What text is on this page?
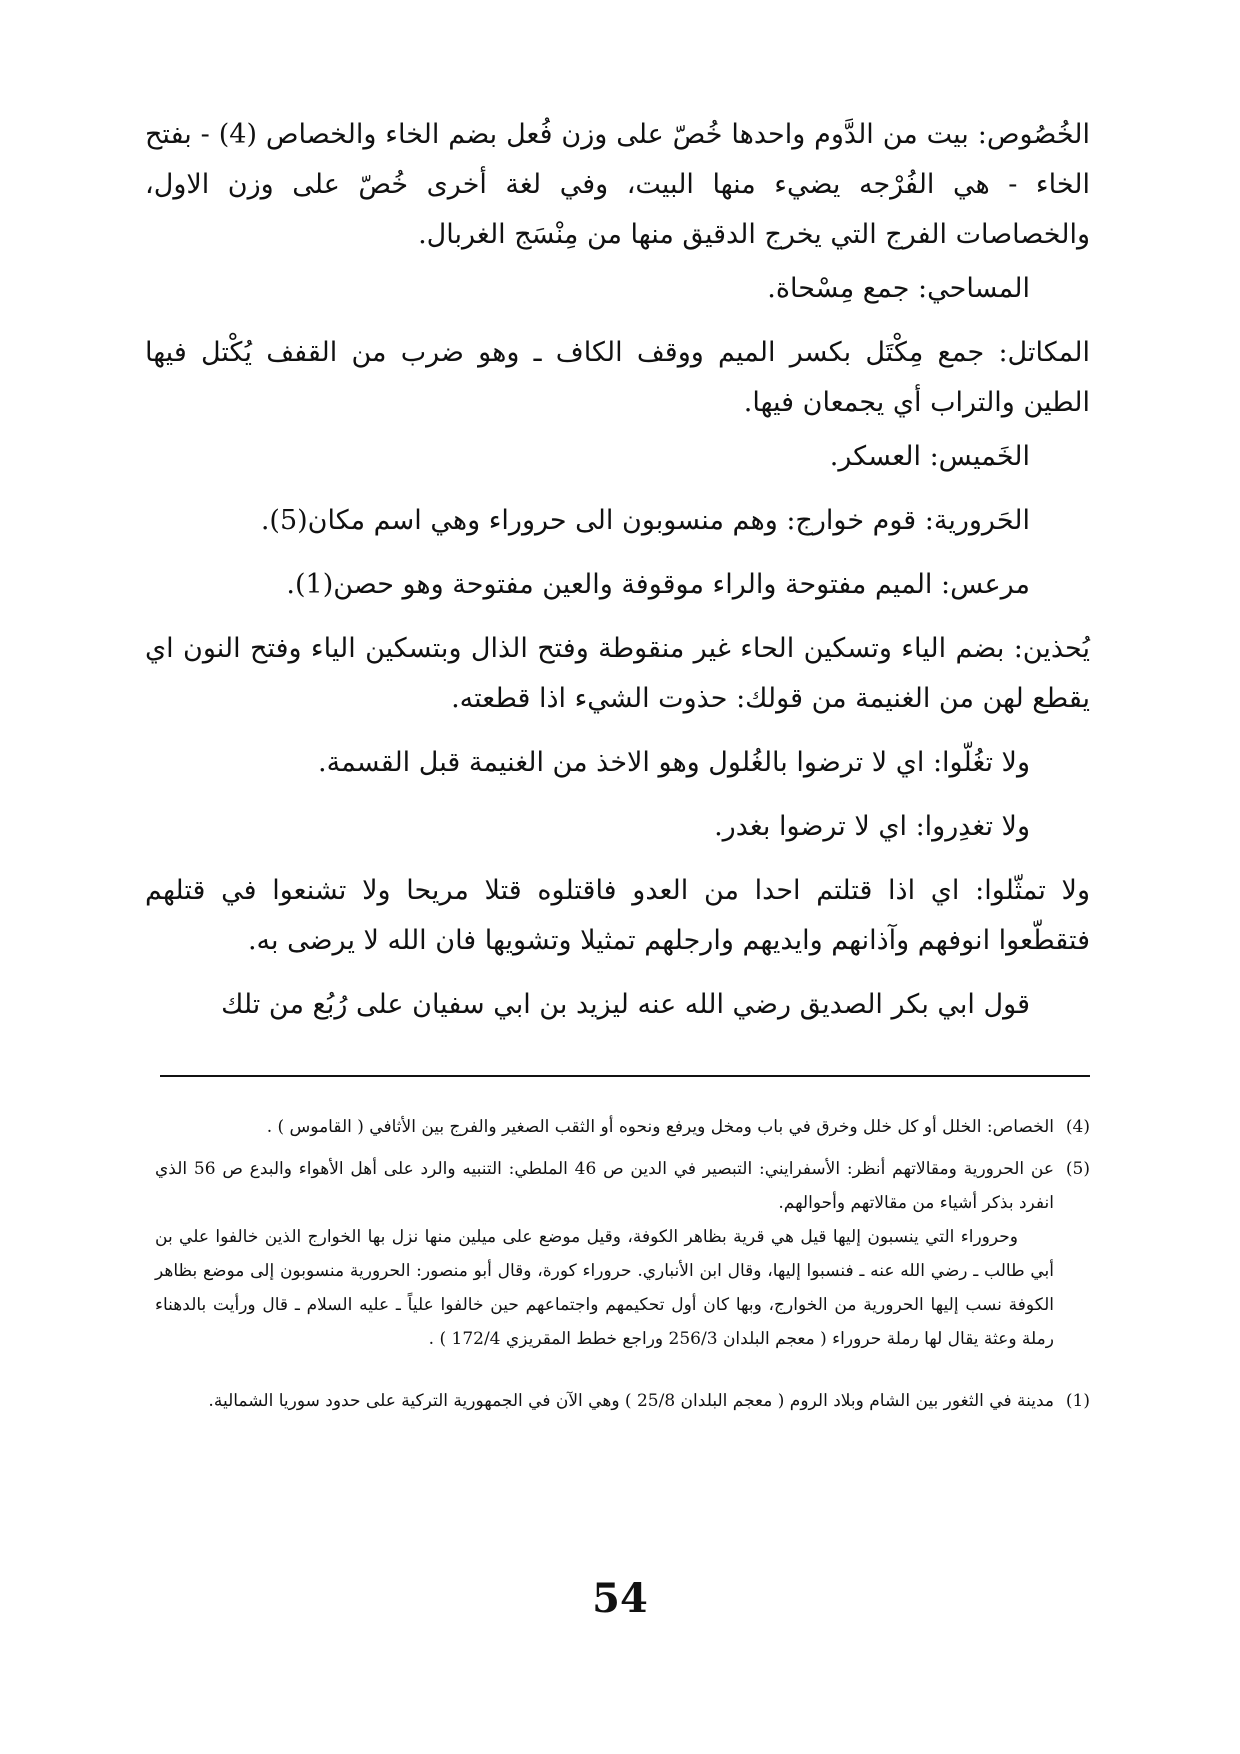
الخُصُوص: بيت من الدَّوم واحدها خُصّ على وزن فُعل بضم الخاء والخصاص (4) - بفتح الخاء - هي الفُرْجه يضيء منها البيت، وفي لغة أخرى خُصّ على وزن الاول، والخصاصات الفرج التي يخرج الدقيق منها من مِنْسَج الغربال.

المساحي: جمع مِسْحاة.

المكاتل: جمع مِكْتَل بكسر الميم ووقف الكاف ـ وهو ضرب من القفف يُكْتل فيها الطين والتراب أي يجمعان فيها.

الخَميس: العسكر.

الحَرورية: قوم خوارج: وهم منسوبون الى حروراء وهي اسم مكان(5).

مرعس: الميم مفتوحة والراء موقوفة والعين مفتوحة وهو حصن(1).

يُحذين: بضم الياء وتسكين الحاء غير منقوطة وفتح الذال وبتسكين الياء وفتح النون اي يقطع لهن من الغنيمة من قولك: حذوت الشيء اذا قطعته.

ولا تغُلّوا: اي لا ترضوا بالغُلول وهو الاخذ من الغنيمة قبل القسمة.

ولا تغدِروا: اي لا ترضوا بغدر.

ولا تمثّلوا: اي اذا قتلتم احدا من العدو فاقتلوه قتلا مريحا ولا تشنعوا في قتلهم فتقطّعوا انوفهم وآذانهم وايديهم وارجلهم تمثيلا وتشويها فان الله لا يرضى به.

قول ابي بكر الصديق رضي الله عنه ليزيد بن ابي سفيان على رُبُع من تلك

(4)
الخصاص: الخلل أو كل خلل وخرق في باب ومخل ويرفع ونحوه أو الثقب الصغير والفرج بين الأثافي ( القاموس ) .
(5)
عن الحرورية ومقالاتهم أنظر: الأسفرايني: التبصير في الدين ص 46 الملطي: التنبيه والرد على أهل الأهواء والبدع ص 56 الذي انفرد بذكر أشياء من مقالاتهم وأحوالهم.
وحروراء التي ينسبون إليها قيل هي قرية بظاهر الكوفة، وقيل موضع على ميلين منها نزل بها الخوارج الذين خالفوا علي بن أبي طالب ـ رضي الله عنه ـ فنسبوا إليها، وقال ابن الأنباري. حروراء كورة، وقال أبو منصور: الحرورية منسوبون إلى موضع بظاهر الكوفة نسب إليها الحرورية من الخوارج، وبها كان أول تحكيمهم واجتماعهم حين خالفوا علياً ـ عليه السلام ـ قال ورأيت بالدهناء رملة وعثة يقال لها رملة حروراء ( معجم البلدان 256/3 وراجع خطط المقريزي 172/4 ) .
(1)
مدينة في الثغور بين الشام وبلاد الروم ( معجم البلدان 25/8 ) وهي الآن في الجمهورية التركية على حدود سوريا الشمالية.
54
